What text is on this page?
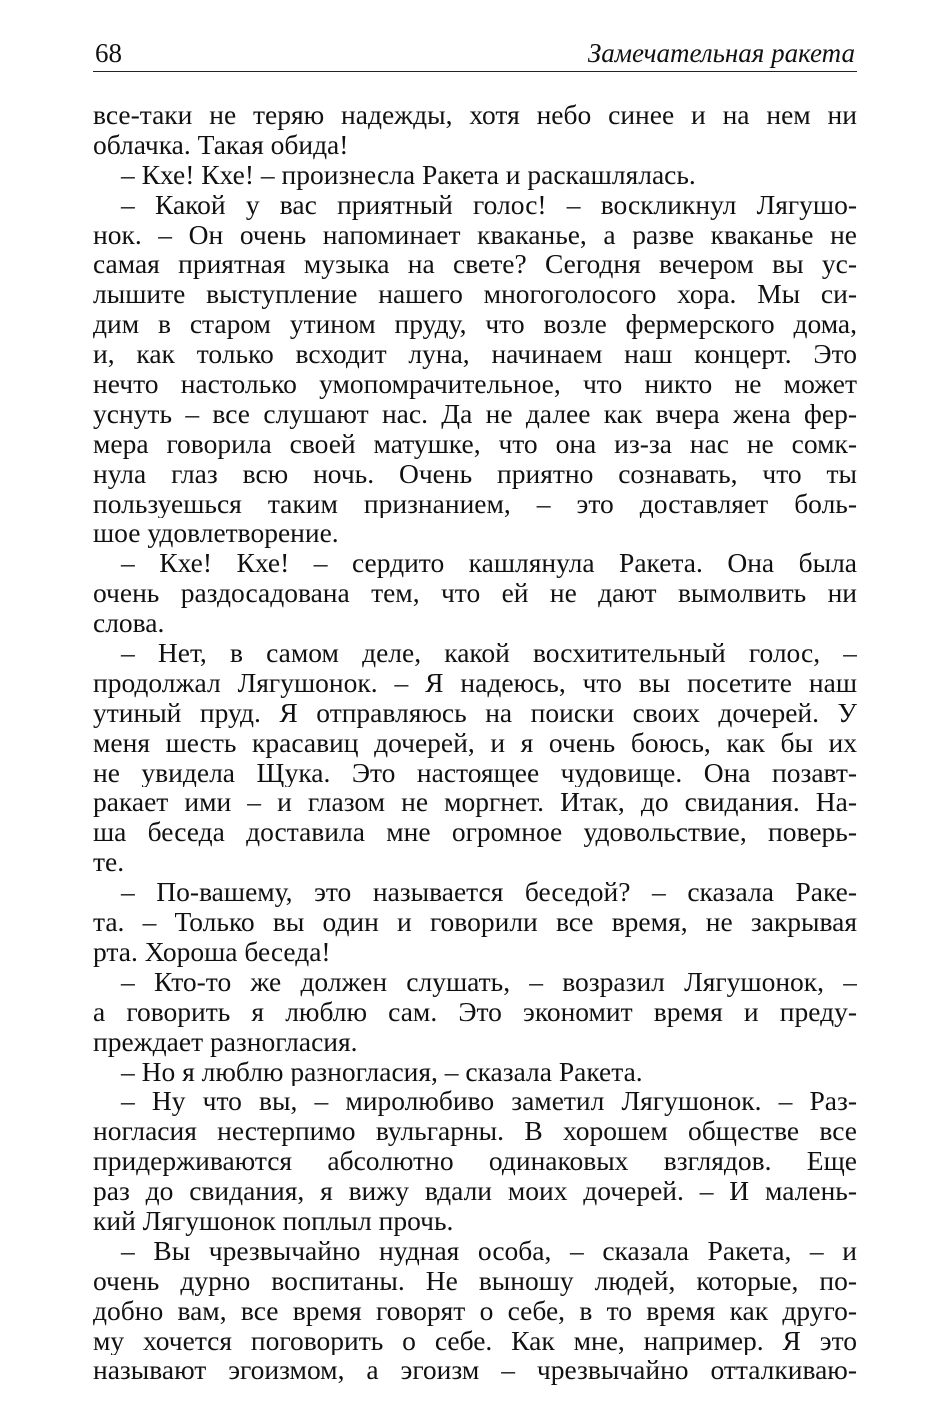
68	Замечательная ракета
все-таки не теряю надежды, хотя небо синее и на нем ни
облачка. Такая обида!
– Кхе! Кхе! – произнесла Ракета и раскашлялась.
– Какой у вас приятный голос! – воскликнул Лягушо-
нок. – Он очень напоминает кваканье, а разве кваканье не
самая приятная музыка на свете? Сегодня вечером вы ус-
лышите выступление нашего многоголосого хора. Мы си-
дим в старом утином пруду, что возле фермерского дома,
и, как только всходит луна, начинаем наш концерт. Это
нечто настолько умопомрачительное, что никто не может
уснуть – все слушают нас. Да не далее как вчера жена фер-
мера говорила своей матушке, что она из-за нас не сомк-
нула глаз всю ночь. Очень приятно сознавать, что ты
пользуешься таким признанием, – это доставляет боль-
шое удовлетворение.
– Кхе! Кхе! – сердито кашлянула Ракета. Она была
очень раздосадована тем, что ей не дают вымолвить ни
слова.
– Нет, в самом деле, какой восхитительный голос, –
продолжал Лягушонок. – Я надеюсь, что вы посетите наш
утиный пруд. Я отправляюсь на поиски своих дочерей. У
меня шесть красавиц дочерей, и я очень боюсь, как бы их
не увидела Щука. Это настоящее чудовище. Она позавт-
ракает ими – и глазом не моргнет. Итак, до свидания. На-
ша беседа доставила мне огромное удовольствие, поверь-
те.
– По-вашему, это называется беседой? – сказала Раке-
та. – Только вы один и говорили все время, не закрывая
рта. Хороша беседа!
– Кто-то же должен слушать, – возразил Лягушонок, –
а говорить я люблю сам. Это экономит время и преду-
преждает разногласия.
– Но я люблю разногласия, – сказала Ракета.
– Ну что вы, – миролюбиво заметил Лягушонок. – Раз-
ногласия нестерпимо вульгарны. В хорошем обществе все
придерживаются абсолютно одинаковых взглядов. Еще
раз до свидания, я вижу вдали моих дочерей. – И малень-
кий Лягушонок поплыл прочь.
– Вы чрезвычайно нудная особа, – сказала Ракета, – и
очень дурно воспитаны. Не выношу людей, которые, по-
добно вам, все время говорят о себе, в то время как друго-
му хочется поговорить о себе. Как мне, например. Я это
называют эгоизмом, а эгоизм – чрезвычайно отталкиваю-
